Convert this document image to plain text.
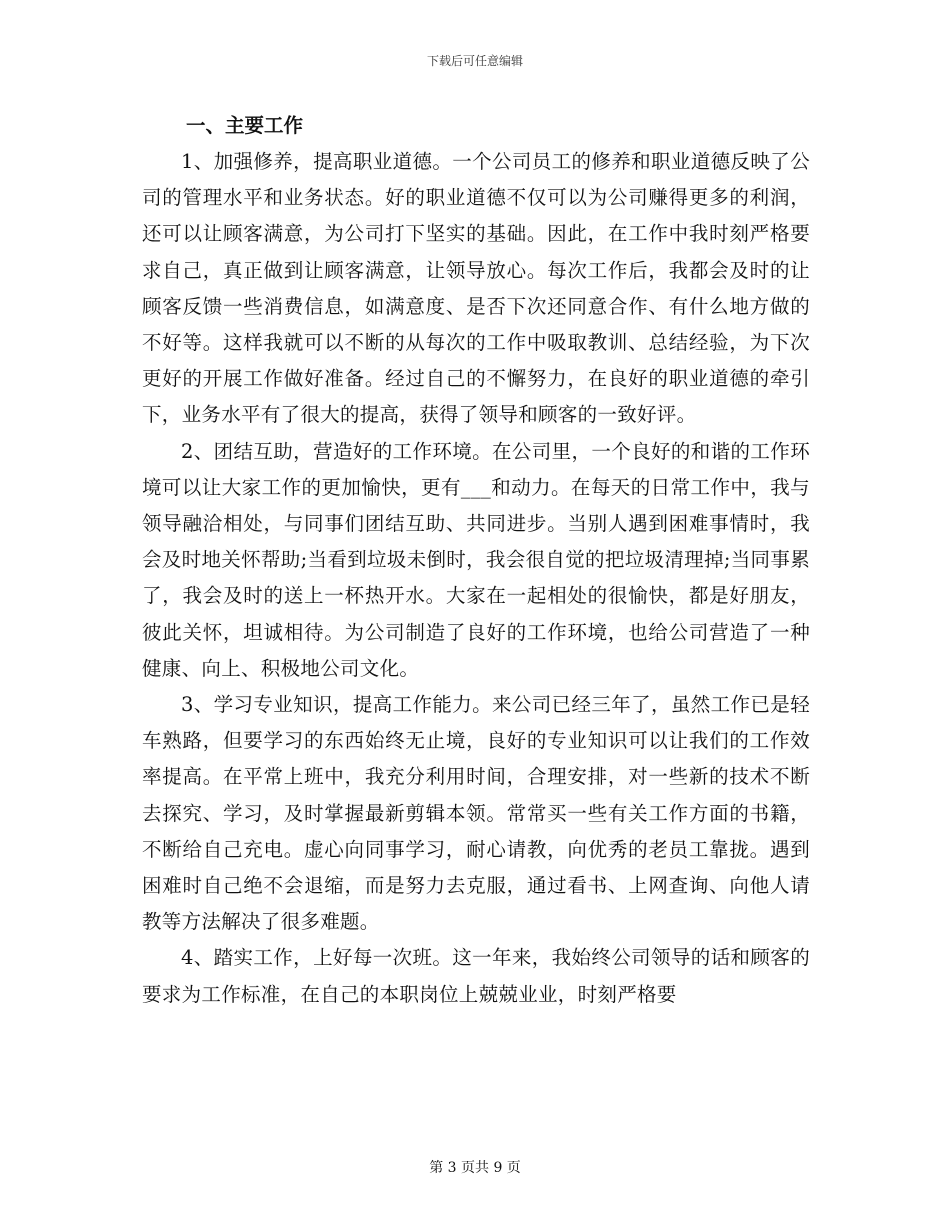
下载后可任意编辑
一、主要工作

1、加强修养，提高职业道德。一个公司员工的修养和职业道德反映了公司的管理水平和业务状态。好的职业道德不仅可以为公司赚得更多的利润，还可以让顾客满意，为公司打下坚实的基础。因此，在工作中我时刻严格要求自己，真正做到让顾客满意，让领导放心。每次工作后，我都会及时的让顾客反馈一些消费信息，如满意度、是否下次还同意合作、有什么地方做的不好等。这样我就可以不断的从每次的工作中吸取教训、总结经验，为下次更好的开展工作做好准备。经过自己的不懈努力，在良好的职业道德的牵引下，业务水平有了很大的提高，获得了领导和顾客的一致好评。

2、团结互助，营造好的工作环境。在公司里，一个良好的和谐的工作环境可以让大家工作的更加愉快，更有___和动力。在每天的日常工作中，我与领导融洽相处，与同事们团结互助、共同进步。当别人遇到困难事情时，我会及时地关怀帮助;当看到垃圾未倒时，我会很自觉的把垃圾清理掉;当同事累了，我会及时的送上一杯热开水。大家在一起相处的很愉快，都是好朋友，彼此关怀，坦诚相待。为公司制造了良好的工作环境，也给公司营造了一种健康、向上、积极地公司文化。

3、学习专业知识，提高工作能力。来公司已经三年了，虽然工作已是轻车熟路，但要学习的东西始终无止境，良好的专业知识可以让我们的工作效率提高。在平常上班中，我充分利用时间，合理安排，对一些新的技术不断去探究、学习，及时掌握最新剪辑本领。常常买一些有关工作方面的书籍，不断给自己充电。虚心向同事学习，耐心请教，向优秀的老员工靠拢。遇到困难时自己绝不会退缩，而是努力去克服，通过看书、上网查询、向他人请教等方法解决了很多难题。

4、踏实工作，上好每一次班。这一年来，我始终公司领导的话和顾客的要求为工作标准，在自己的本职岗位上兢兢业业，时刻严格要

第 3 页共 9 页
